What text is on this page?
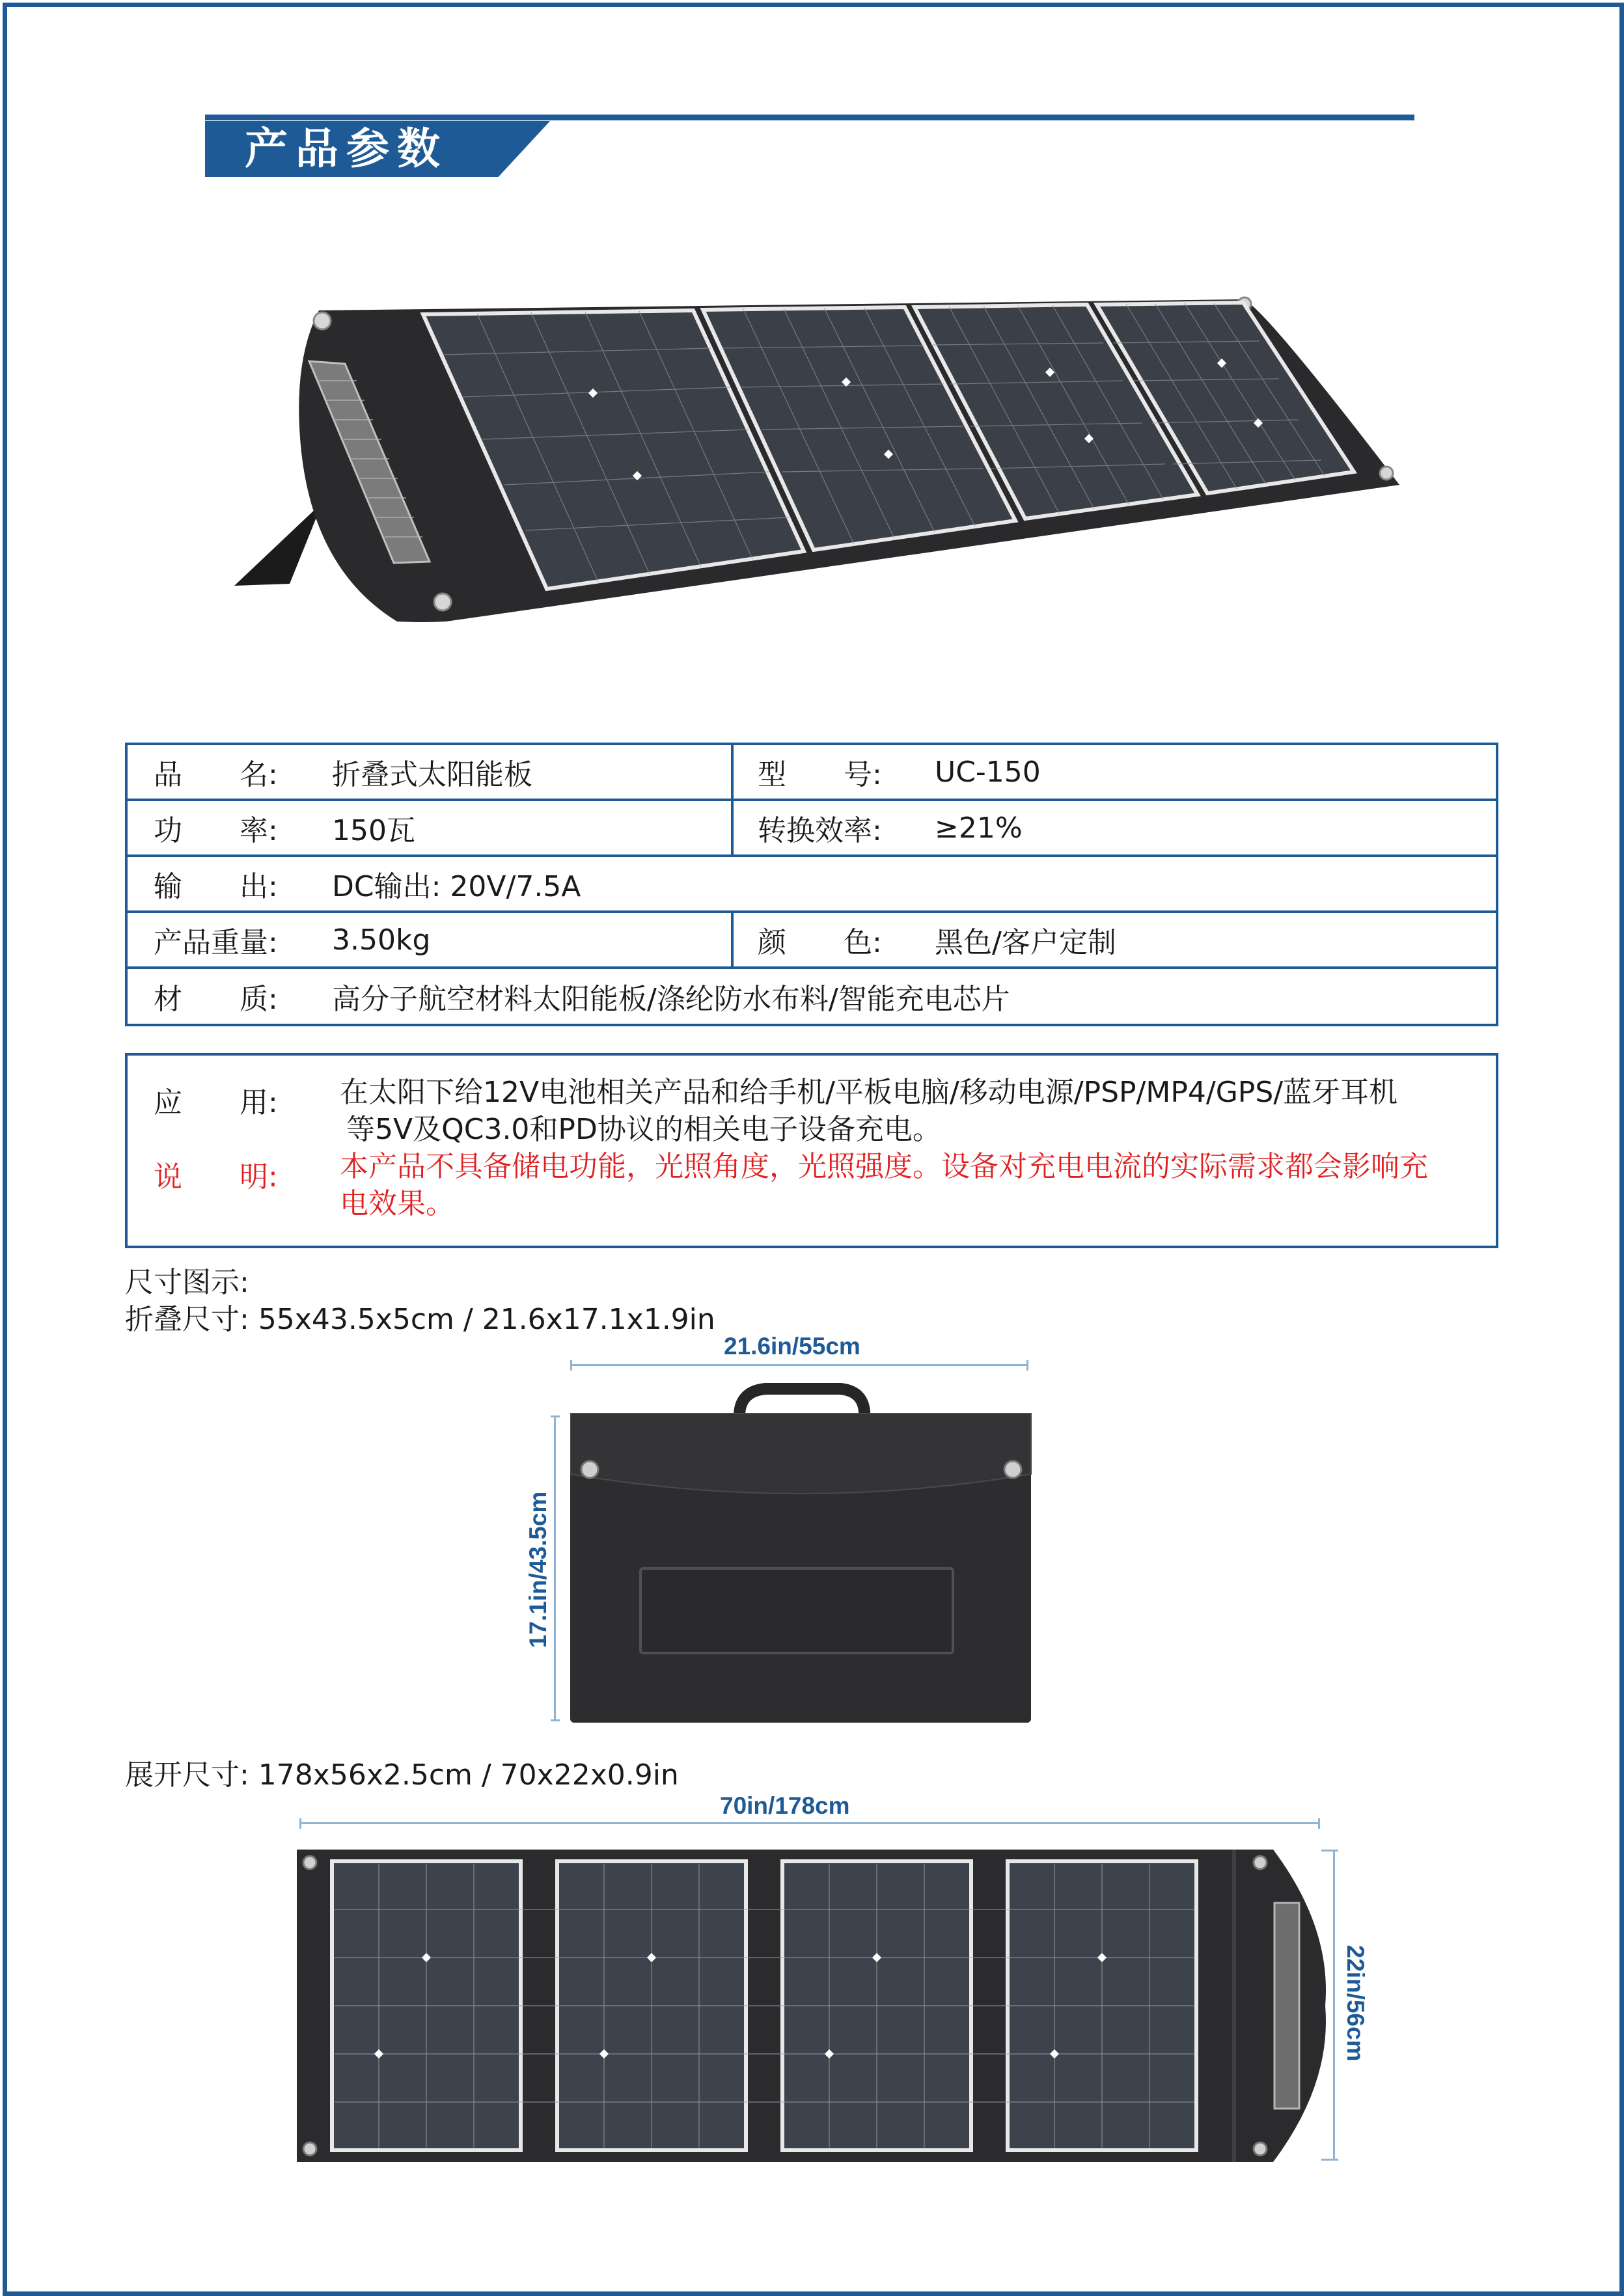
产品参数
品　　名: 折叠式太阳能板	型　　号: UC-150
功　　率: 150瓦	转换效率: ≥21%
输　　出: DC输出: 20V/7.5A
产品重量: 3.50kg	颜　　色: 黑色/客户定制
材　　质: 高分子航空材料太阳能板/涤纶防水布料/智能充电芯片
应　　用: 在太阳下给12V电池相关产品和给手机/平板电脑/移动电源/PSP/MP4/GPS/蓝牙耳机
等5V及QC3.0和PD协议的相关电子设备充电。
说　　明: 本产品不具备储电功能，光照角度，光照强度。设备对充电电流的实际需求都会影响充
电效果。
尺寸图示:
折叠尺寸: 55x43.5x5cm / 21.6x17.1x1.9in
21.6in/55cm
17.1in/43.5cm
展开尺寸: 178x56x2.5cm / 70x22x0.9in
70in/178cm
22in/56cm
